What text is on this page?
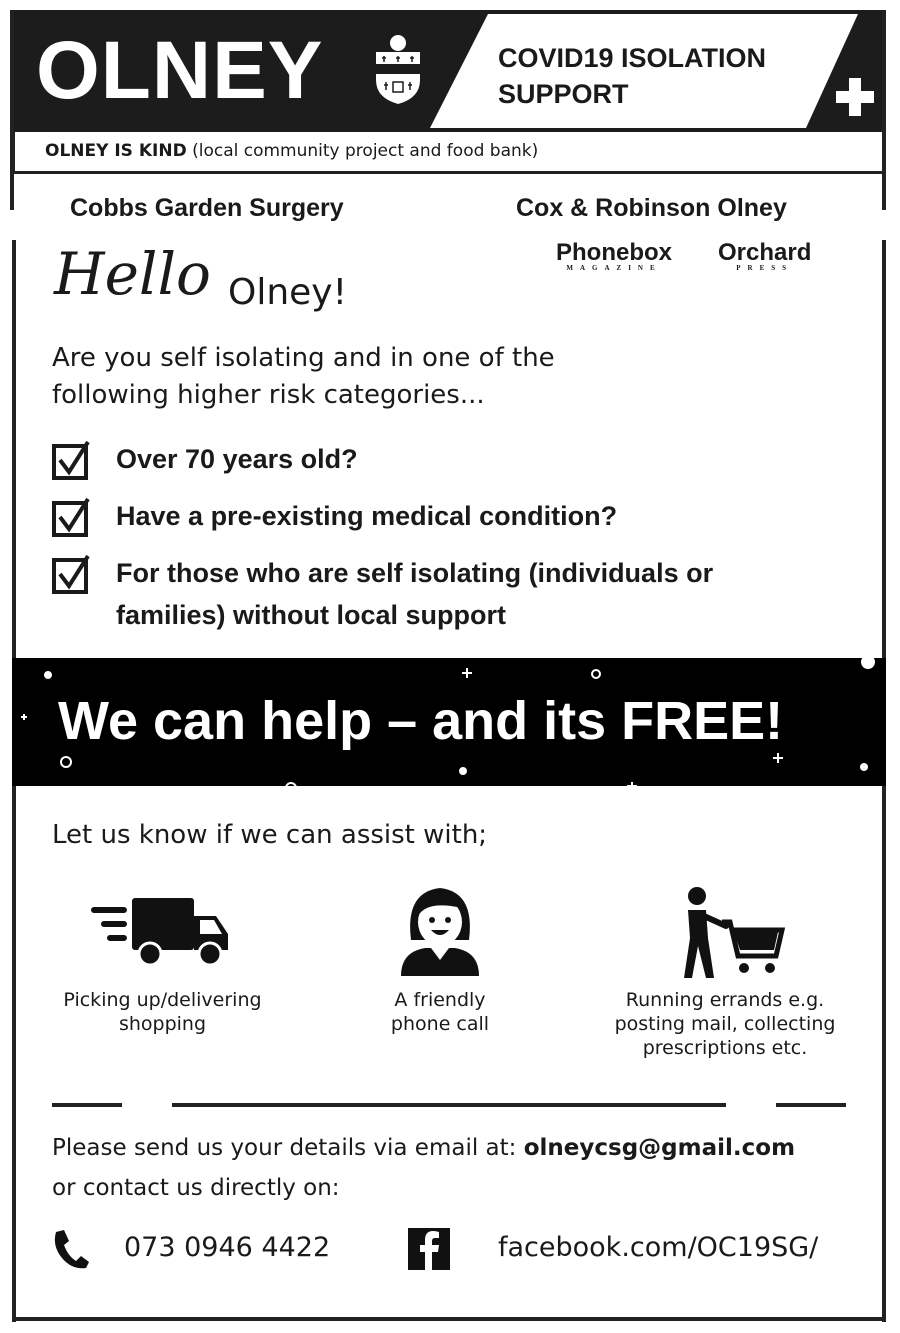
OLNEY	COVID19 ISOLATION
SUPPORT
OLNEY IS KIND (local community project and food bank)
Cobbs Garden Surgery	Cox & Robinson Olney
Phonebox
MAGAZINE
Orchard
PRESS
Hello Olney!
Are you self isolating and in one of the
following higher risk categories...
Over 70 years old?
Have a pre-existing medical condition?
For those who are self isolating (individuals or
families) without local support
We can help – and its FREE!
Let us know if we can assist with;
Picking up/delivering
shopping
A friendly
phone call
Running errands e.g.
posting mail, collecting
prescriptions etc.
Please send us your details via email at: olneycsg@gmail.com
or contact us directly on:
073 0946 4422	facebook.com/OC19SG/
